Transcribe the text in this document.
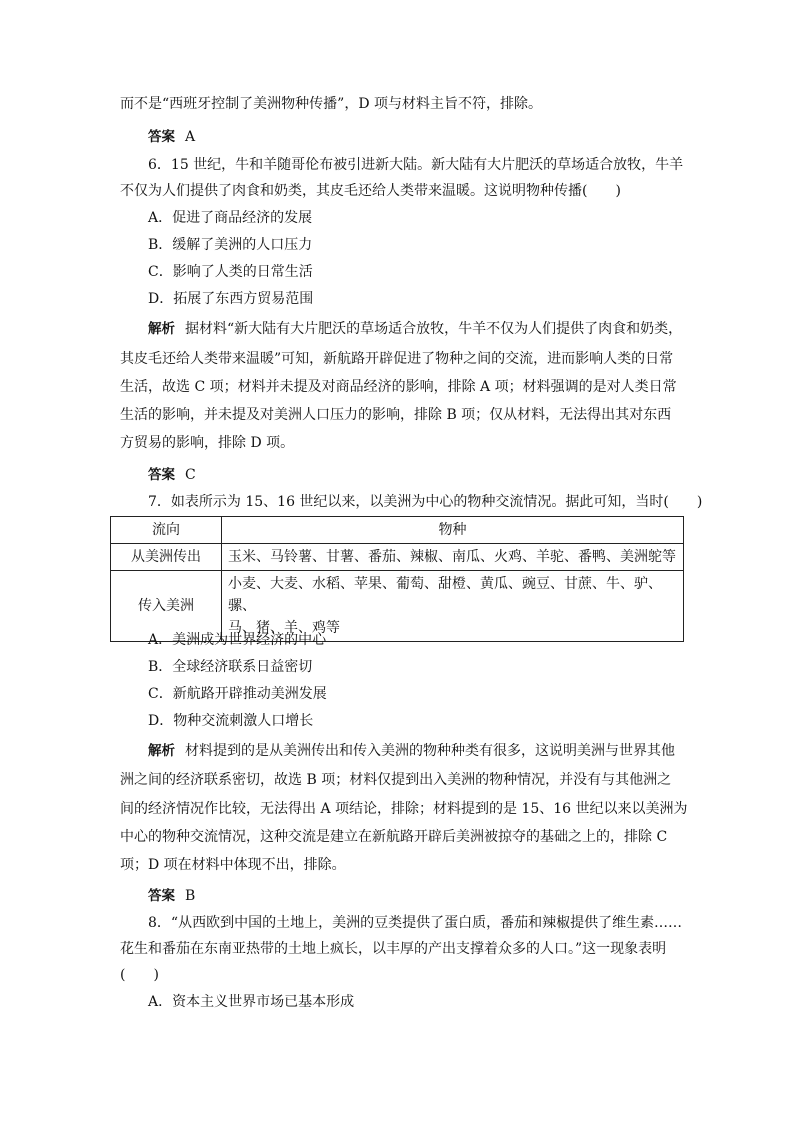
而不是“西班牙控制了美洲物种传播”，D 项与材料主旨不符，排除。
答案 A
6．15 世纪，牛和羊随哥伦布被引进新大陆。新大陆有大片肥沃的草场适合放牧，牛羊
不仅为人们提供了肉食和奶类，其皮毛还给人类带来温暖。这说明物种传播(　　)
A．促进了商品经济的发展
B．缓解了美洲的人口压力
C．影响了人类的日常生活
D．拓展了东西方贸易范围
解析 据材料“新大陆有大片肥沃的草场适合放牧，牛羊不仅为人们提供了肉食和奶类，
其皮毛还给人类带来温暖”可知，新航路开辟促进了物种之间的交流，进而影响人类的日常
生活，故选 C 项；材料并未提及对商品经济的影响，排除 A 项；材料强调的是对人类日常
生活的影响，并未提及对美洲人口压力的影响，排除 B 项；仅从材料，无法得出其对东西
方贸易的影响，排除 D 项。
答案 C
7．如表所示为 15、16 世纪以来，以美洲为中心的物种交流情况。据此可知，当时(　　)
流向	物种
从美洲传出	玉米、马铃薯、甘薯、番茄、辣椒、南瓜、火鸡、羊驼、番鸭、美洲鸵等
传入美洲	小麦、大麦、水稻、苹果、葡萄、甜橙、黄瓜、豌豆、甘蔗、牛、驴、骡、
马、猪、羊、鸡等
A．美洲成为世界经济的中心
B．全球经济联系日益密切
C．新航路开辟推动美洲发展
D．物种交流刺激人口增长
解析 材料提到的是从美洲传出和传入美洲的物种种类有很多，这说明美洲与世界其他
洲之间的经济联系密切，故选 B 项；材料仅提到出入美洲的物种情况，并没有与其他洲之
间的经济情况作比较，无法得出 A 项结论，排除；材料提到的是 15、16 世纪以来以美洲为
中心的物种交流情况，这种交流是建立在新航路开辟后美洲被掠夺的基础之上的，排除 C
项；D 项在材料中体现不出，排除。
答案 B
8．“从西欧到中国的土地上，美洲的豆类提供了蛋白质，番茄和辣椒提供了维生素……
花生和番茄在东南亚热带的土地上疯长，以丰厚的产出支撑着众多的人口。”这一现象表明
(　　)
A．资本主义世界市场已基本形成
